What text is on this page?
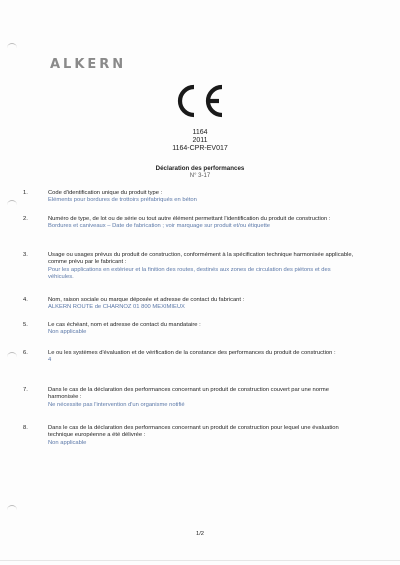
ALKERN
1164
2011
1164-CPR-EV017
Déclaration des performances
N° 3-17
1.	Code d'identification unique du produit type :
Eléments pour bordures de trottoirs préfabriqués en béton
2.	Numéro de type, de lot ou de série ou tout autre élément permettant l'identification du produit de construction :
Bordures et caniveaux – Date de fabrication ; voir marquage sur produit et/ou étiquette
3.	Usage ou usages prévus du produit de construction, conformément à la spécification technique harmonisée applicable, comme prévu par le fabricant :
Pour les applications en extérieur et la finition des routes, destinés aux zones de circulation des piétons et des véhicules.
4.	Nom, raison sociale ou marque déposée et adresse de contact du fabricant :
ALKERN ROUTE de CHARNOZ 01 800 MEXIMIEUX
5.	Le cas échéant, nom et adresse de contact du mandataire :
Non applicable
6.	Le ou les systèmes d'évaluation et de vérification de la constance des performances du produit de construction :
4
7.	Dans le cas de la déclaration des performances concernant un produit de construction couvert par une norme harmonisée :
Ne nécessite pas l'intervention d'un organisme notifié
8.	Dans le cas de la déclaration des performances concernant un produit de construction pour lequel une évaluation technique européenne a été délivrée :
Non applicable
1/2
